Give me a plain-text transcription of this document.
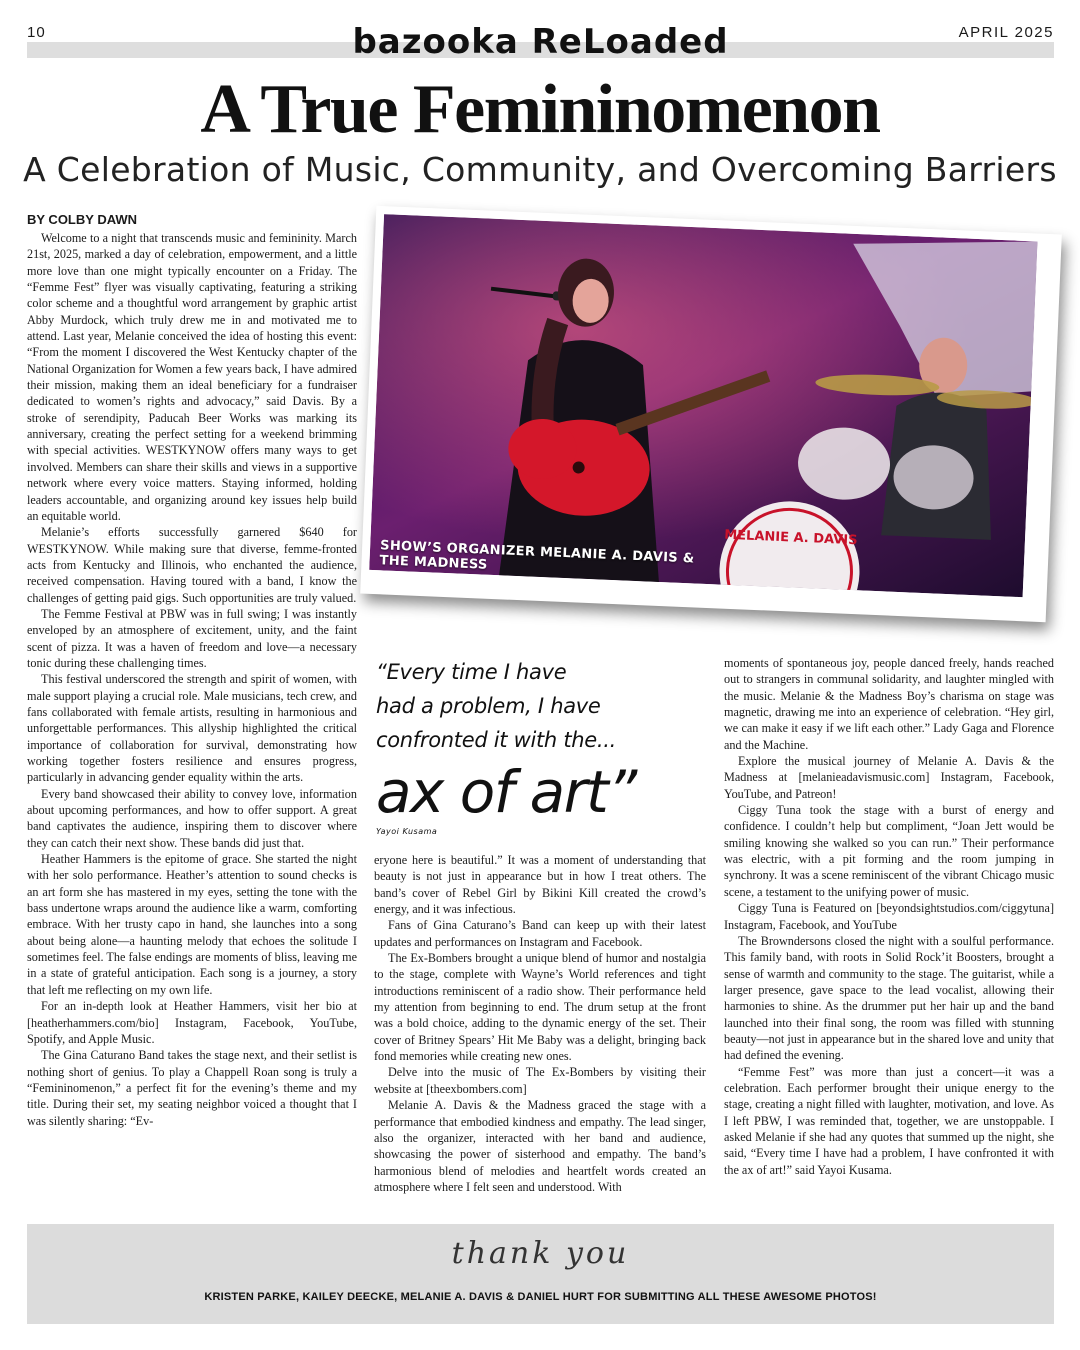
10	bazooka ReLoaded	APRIL 2025
A True Femininomenon
A Celebration of Music, Community, and Overcoming Barriers
BY COLBY DAWN

Welcome to a night that transcends music and femininity. March 21st, 2025, marked a day of celebration, empowerment, and a little more love than one might typically encounter on a Friday. The “Femme Fest” flyer was visually captivating, featuring a striking color scheme and a thoughtful word arrangement by graphic artist Abby Murdock, which truly drew me in and motivated me to attend. Last year, Melanie conceived the idea of hosting this event: “From the moment I discovered the West Kentucky chapter of the National Organization for Women a few years back, I have admired their mission, making them an ideal beneficiary for a fundraiser dedicated to women’s rights and advocacy,” said Davis. By a stroke of serendipity, Paducah Beer Works was marking its anniversary, creating the perfect setting for a weekend brimming with special activities. WESTKYNOW offers many ways to get involved. Members can share their skills and views in a supportive network where every voice matters. Staying informed, holding leaders accountable, and organizing around key issues help build an equitable world.

Melanie’s efforts successfully garnered $640 for WESTKYNOW. While making sure that diverse, femme-fronted acts from Kentucky and Illinois, who enchanted the audience, received compensation. Having toured with a band, I know the challenges of getting paid gigs. Such opportunities are truly valued.

The Femme Festival at PBW was in full swing; I was instantly enveloped by an atmosphere of excitement, unity, and the faint scent of pizza. It was a haven of freedom and love—a necessary tonic during these challenging times.

This festival underscored the strength and spirit of women, with male support playing a crucial role. Male musicians, tech crew, and fans collaborated with female artists, resulting in harmonious and unforgettable performances. This allyship highlighted the critical importance of collaboration for survival, demonstrating how working together fosters resilience and ensures progress, particularly in advancing gender equality within the arts.

Every band showcased their ability to convey love, information about upcoming performances, and how to offer support. A great band captivates the audience, inspiring them to discover where they can catch their next show. These bands did just that.

Heather Hammers is the epitome of grace. She started the night with her solo performance. Heather’s attention to sound checks is an art form she has mastered in my eyes, setting the tone with the bass undertone wraps around the audience like a warm, comforting embrace. With her trusty capo in hand, she launches into a song about being alone—a haunting melody that echoes the solitude I sometimes feel. The false endings are moments of bliss, leaving me in a state of grateful anticipation. Each song is a journey, a story that left me reflecting on my own life.

For an in-depth look at Heather Hammers, visit her bio at [heatherhammers.com/bio] Instagram, Facebook, YouTube, Spotify, and Apple Music.

The Gina Caturano Band takes the stage next, and their setlist is nothing short of genius. To play a Chappell Roan song is truly a “Femininomenon,” a perfect fit for the evening’s theme and my title. During their set, my seating neighbor voiced a thought that I was silently sharing: “Ev-

MELANIE A. DAVIS
SHOW’S ORGANIZER MELANIE A. DAVIS & THE MADNESS
“Every time I have
had a problem, I have
confronted it with the...
ax of art”
Yayoi Kusama

eryone here is beautiful.” It was a moment of understanding that beauty is not just in appearance but in how I treat others. The band’s cover of Rebel Girl by Bikini Kill created the crowd’s energy, and it was infectious.

Fans of Gina Caturano’s Band can keep up with their latest updates and performances on Instagram and Facebook.

The Ex-Bombers brought a unique blend of humor and nostalgia to the stage, complete with Wayne’s World references and tight introductions reminiscent of a radio show. Their performance held my attention from beginning to end. The drum setup at the front was a bold choice, adding to the dynamic energy of the set. Their cover of Britney Spears’ Hit Me Baby was a delight, bringing back fond memories while creating new ones.

Delve into the music of The Ex-Bombers by visiting their website at [theexbombers.com]

Melanie A. Davis & the Madness graced the stage with a performance that embodied kindness and empathy. The lead singer, also the organizer, interacted with her band and audience, showcasing the power of sisterhood and empathy. The band’s harmonious blend of melodies and heartfelt words created an atmosphere where I felt seen and understood. With

moments of spontaneous joy, people danced freely, hands reached out to strangers in communal solidarity, and laughter mingled with the music. Melanie & the Madness Boy’s charisma on stage was magnetic, drawing me into an experience of celebration. “Hey girl, we can make it easy if we lift each other.” Lady Gaga and Florence and the Machine.

Explore the musical journey of Melanie A. Davis & the Madness at [melanieadavismusic.com] Instagram, Facebook, YouTube, and Patreon!

Ciggy Tuna took the stage with a burst of energy and confidence. I couldn’t help but compliment, “Joan Jett would be smiling knowing she walked so you can run.” Their performance was electric, with a pit forming and the room jumping in synchrony. It was a scene reminiscent of the vibrant Chicago music scene, a testament to the unifying power of music.

Ciggy Tuna is Featured on [beyondsightstudios.com/ciggytuna] Instagram, Facebook, and YouTube

The Browndersons closed the night with a soulful performance. This family band, with roots in Solid Rock’it Boosters, brought a sense of warmth and community to the stage. The guitarist, while a larger presence, gave space to the lead vocalist, allowing their harmonies to shine. As the drummer put her hair up and the band launched into their final song, the room was filled with stunning beauty—not just in appearance but in the shared love and unity that had defined the evening.

“Femme Fest” was more than just a concert—it was a celebration. Each performer brought their unique energy to the stage, creating a night filled with laughter, motivation, and love. As I left PBW, I was reminded that, together, we are unstoppable. I asked Melanie if she had any quotes that summed up the night, she said, “Every time I have had a problem, I have confronted it with the ax of art!” said Yayoi Kusama.

thank you
KRISTEN PARKE, KAILEY DEECKE, MELANIE A. DAVIS & DANIEL HURT FOR SUBMITTING ALL THESE AWESOME PHOTOS!
